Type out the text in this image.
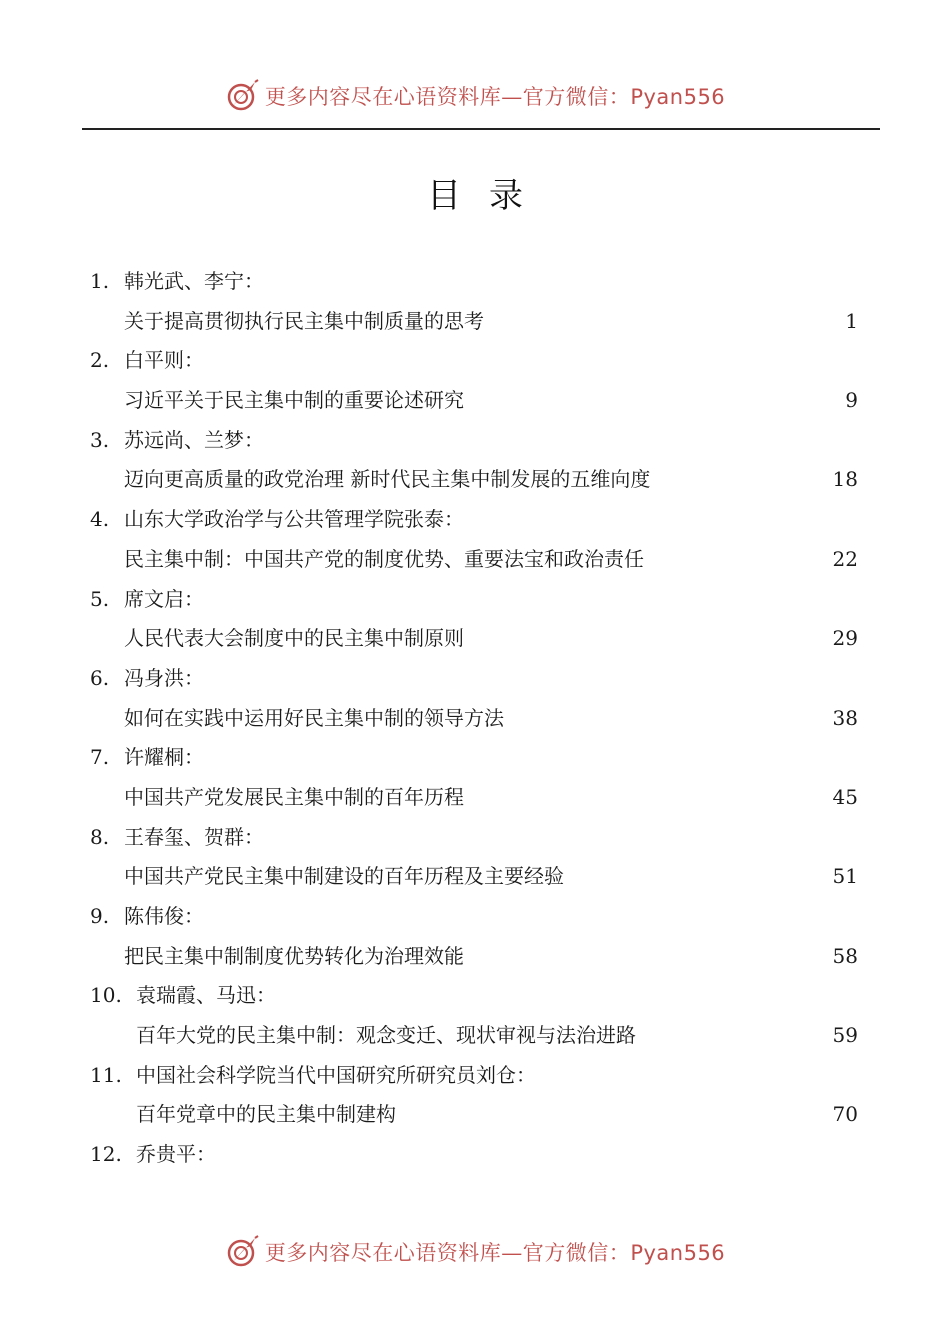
更多内容尽在心语资料库—官方微信：Pyan556
目录
1. 韩光武、李宁：
关于提高贯彻执行民主集中制质量的思考	1
2. 白平则：
习近平关于民主集中制的重要论述研究	9
3. 苏远尚、兰梦：
迈向更高质量的政党治理 新时代民主集中制发展的五维向度	18
4. 山东大学政治学与公共管理学院张泰：
民主集中制：中国共产党的制度优势、重要法宝和政治责任	22
5. 席文启：
人民代表大会制度中的民主集中制原则	29
6. 冯身洪：
如何在实践中运用好民主集中制的领导方法	38
7. 许耀桐：
中国共产党发展民主集中制的百年历程	45
8. 王春玺、贺群：
中国共产党民主集中制建设的百年历程及主要经验	51
9. 陈伟俊：
把民主集中制制度优势转化为治理效能	58
10. 袁瑞霞、马迅：
百年大党的民主集中制：观念变迁、现状审视与法治进路	59
11. 中国社会科学院当代中国研究所研究员刘仓：
百年党章中的民主集中制建构	70
12. 乔贵平：
更多内容尽在心语资料库—官方微信：Pyan556
